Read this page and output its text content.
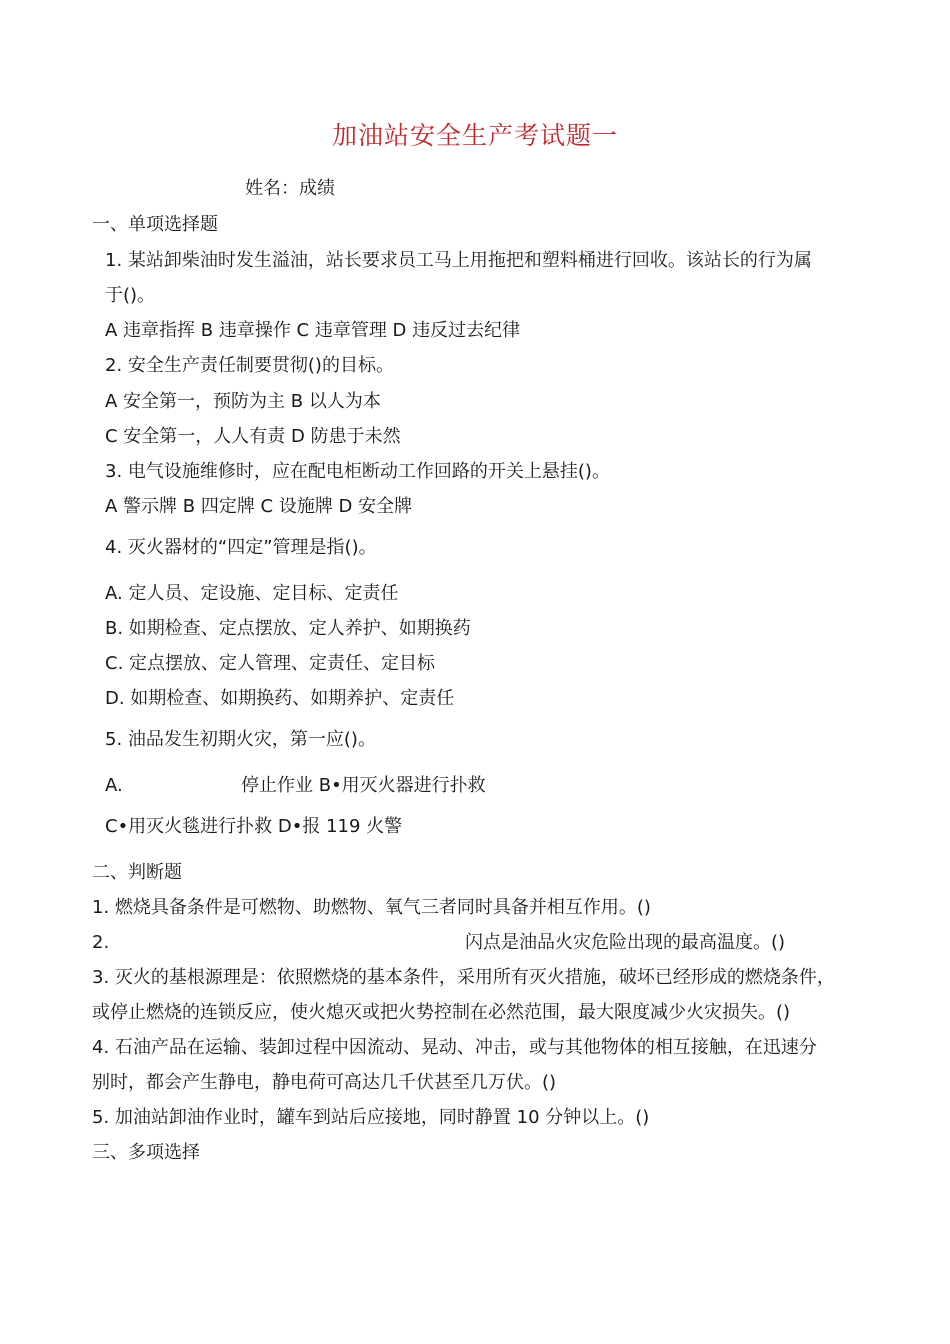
加油站安全生产考试题一
姓名：成绩
一、单项选择题
1. 某站卸柴油时发生溢油，站长要求员工马上用拖把和塑料桶进行回收。该站长的行为属
于()。
A 违章指挥 B 违章操作 C 违章管理 D 违反过去纪律
2. 安全生产责任制要贯彻()的目标。
A 安全第一，预防为主 B 以人为本
C 安全第一，人人有责 D 防患于未然
3. 电气设施维修时，应在配电柜断动工作回路的开关上悬挂()。
A 警示牌 B 四定牌 C 设施牌 D 安全牌
4. 灭火器材的“四定”管理是指()。
A. 定人员、定设施、定目标、定责任
B. 如期检查、定点摆放、定人养护、如期换药
C. 定点摆放、定人管理、定责任、定目标
D. 如期检查、如期换药、如期养护、定责任
5. 油品发生初期火灾，第一应()。
A.	停止作业 B•用灭火器进行扑救
C•用灭火毯进行扑救 D•报 119 火警
二、判断题
1. 燃烧具备条件是可燃物、助燃物、氧气三者同时具备并相互作用。()
2.	闪点是油品火灾危险出现的最高温度。()
3. 灭火的基根源理是：依照燃烧的基本条件，采用所有灭火措施，破坏已经形成的燃烧条件，
或停止燃烧的连锁反应，使火熄灭或把火势控制在必然范围，最大限度减少火灾损失。()
4. 石油产品在运输、装卸过程中因流动、晃动、冲击，或与其他物体的相互接触，在迅速分
别时，都会产生静电，静电荷可高达几千伏甚至几万伏。()
5. 加油站卸油作业时，罐车到站后应接地，同时静置 10 分钟以上。()
三、多项选择
